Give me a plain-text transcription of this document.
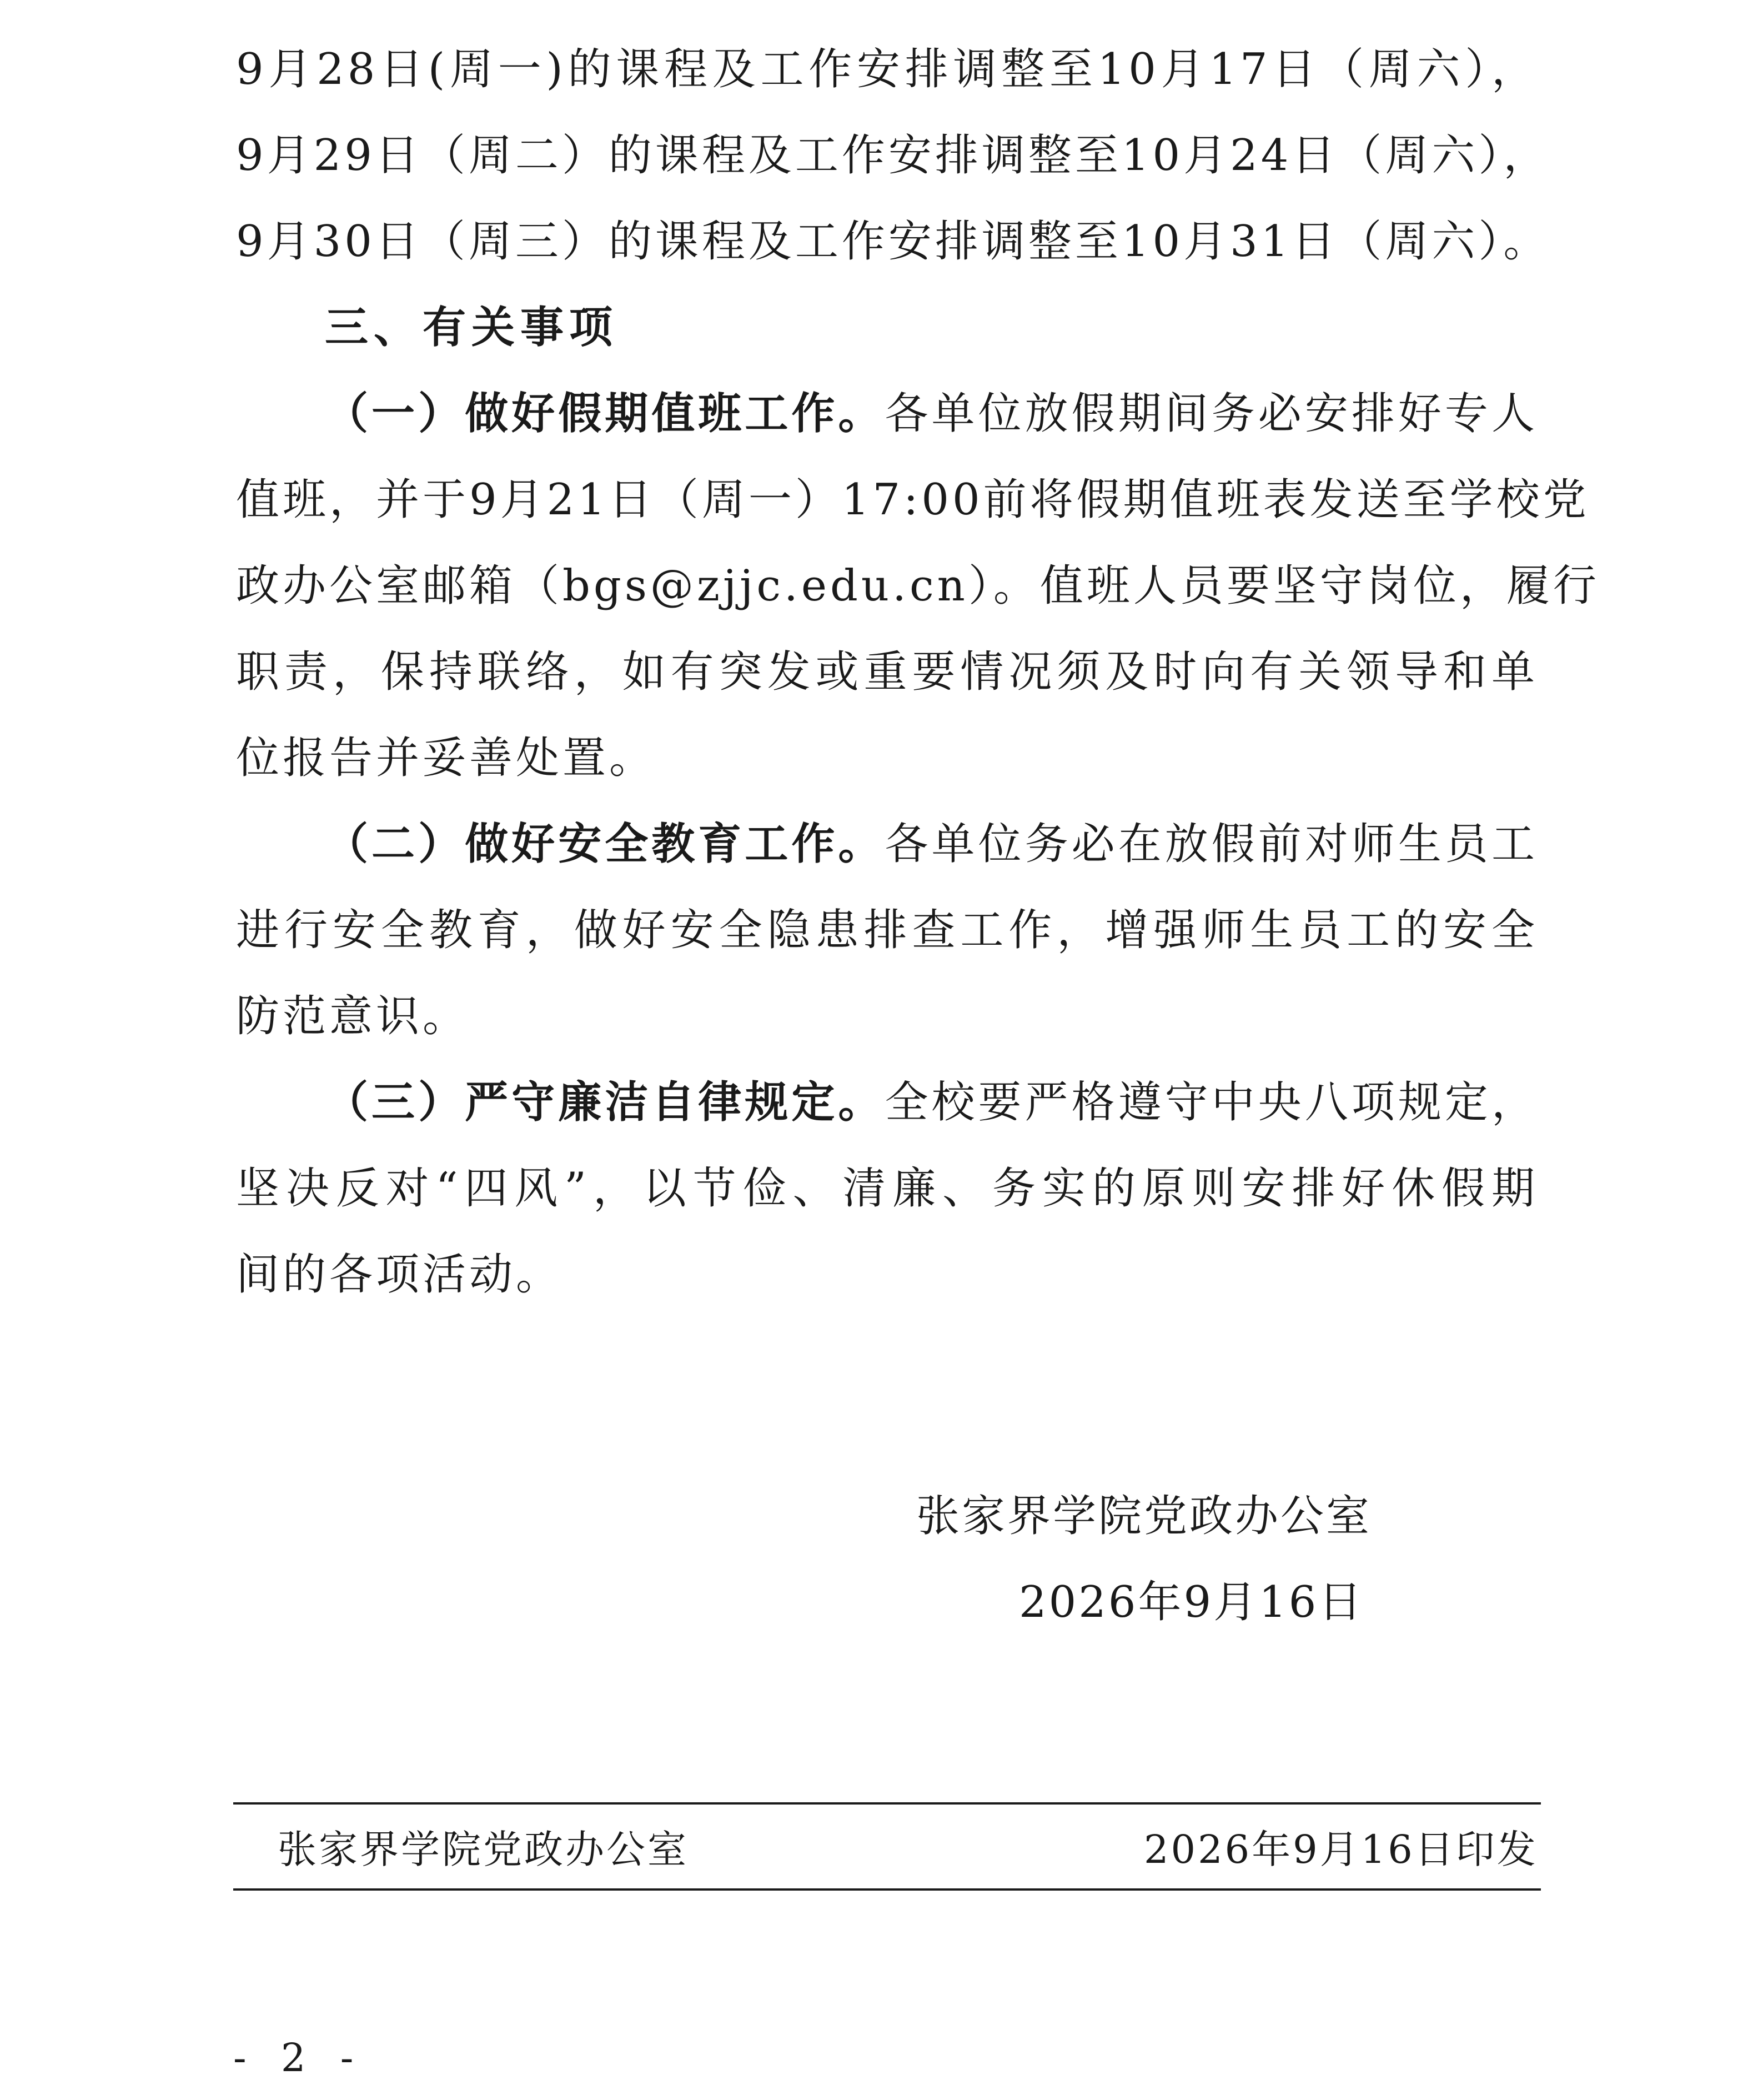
9月28日(周一)的课程及工作安排调整至10月17日（周六），
9月29日（周二）的课程及工作安排调整至10月24日（周六），
9月30日（周三）的课程及工作安排调整至10月31日（周六）。
三、有关事项
（一）做好假期值班工作。各单位放假期间务必安排好专人
值班，并于9月21日（周一）17:00前将假期值班表发送至学校党
政办公室邮箱（bgs@zjjc.edu.cn）。值班人员要坚守岗位，履行
职责，保持联络，如有突发或重要情况须及时向有关领导和单
位报告并妥善处置。
（二）做好安全教育工作。各单位务必在放假前对师生员工
进行安全教育，做好安全隐患排查工作，增强师生员工的安全
防范意识。
（三）严守廉洁自律规定。全校要严格遵守中央八项规定，
坚决反对“四风”，以节俭、清廉、务实的原则安排好休假期
间的各项活动。
张家界学院党政办公室
2026年9月16日
张家界学院党政办公室	2026年9月16日印发
- 2 -
